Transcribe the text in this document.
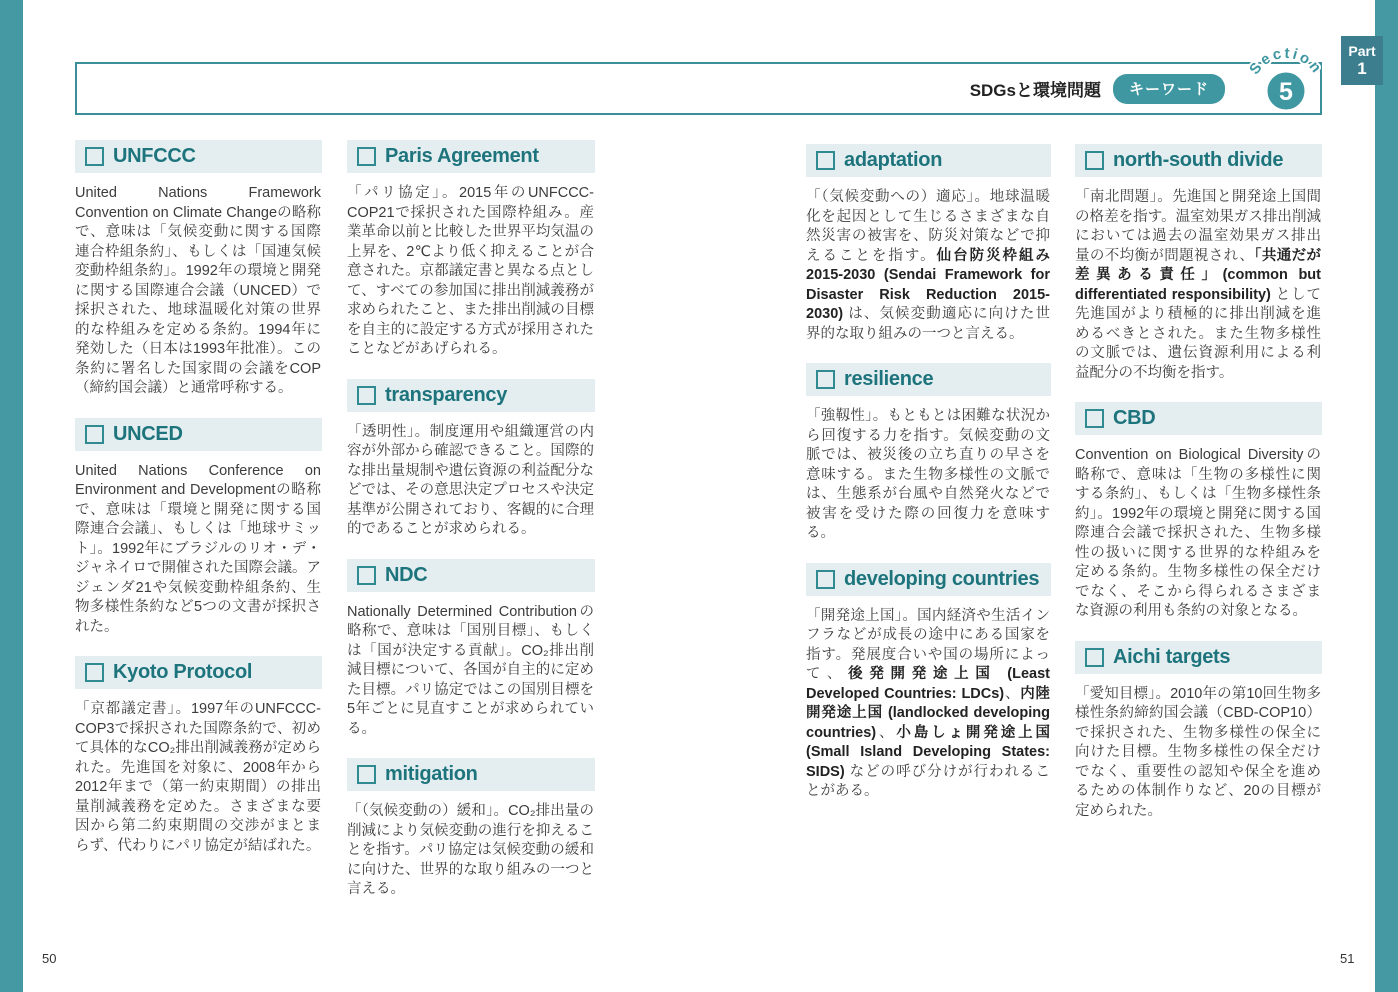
Part
1
SDGsと環境問題	キーワード
Section
5
UNFCCC

United Nations Framework Convention on Climate Changeの略称で、意味は「気候変動に関する国際連合枠組条約」、もしくは「国連気候変動枠組条約」。1992年の環境と開発に関する国際連合会議（UNCED）で採択された、地球温暖化対策の世界的な枠組みを定める条約。1994年に発効した（日本は1993年批准）。この条約に署名した国家間の会議をCOP（締約国会議）と通常呼称する。

UNCED

United Nations Conference on Environment and Developmentの略称で、意味は「環境と開発に関する国際連合会議」、もしくは「地球サミット」。1992年にブラジルのリオ・デ・ジャネイロで開催された国際会議。アジェンダ21や気候変動枠組条約、生物多様性条約など5つの文書が採択された。

Kyoto Protocol

「京都議定書」。1997年のUNFCCC-COP3で採択された国際条約で、初めて具体的なCO₂排出削減義務が定められた。先進国を対象に、2008年から2012年まで（第一約束期間）の排出量削減義務を定めた。さまざまな要因から第二約束期間の交渉がまとまらず、代わりにパリ協定が結ばれた。

Paris Agreement

「パリ協定」。2015年のUNFCCC-COP21で採択された国際枠組み。産業革命以前と比較した世界平均気温の上昇を、2℃より低く抑えることが合意された。京都議定書と異なる点として、すべての参加国に排出削減義務が求められたこと、また排出削減の目標を自主的に設定する方式が採用されたことなどがあげられる。

transparency

「透明性」。制度運用や組織運営の内容が外部から確認できること。国際的な排出量規制や遺伝資源の利益配分などでは、その意思決定プロセスや決定基準が公開されており、客観的に合理的であることが求められる。

NDC

Nationally Determined Contributionの略称で、意味は「国別目標」、もしくは「国が決定する貢献」。CO₂排出削減目標について、各国が自主的に定めた目標。パリ協定ではこの国別目標を5年ごとに見直すことが求められている。

mitigation

「（気候変動の）緩和」。CO₂排出量の削減により気候変動の進行を抑えることを指す。パリ協定は気候変動の緩和に向けた、世界的な取り組みの一つと言える。

adaptation

「（気候変動への）適応」。地球温暖化を起因として生じるさまざまな自然災害の被害を、防災対策などで抑えることを指す。仙台防災枠組み2015-2030 (Sendai Framework for Disaster Risk Reduction 2015-2030) は、気候変動適応に向けた世界的な取り組みの一つと言える。

resilience

「強靱性」。もともとは困難な状況から回復する力を指す。気候変動の文脈では、被災後の立ち直りの早さを意味する。また生物多様性の文脈では、生態系が台風や自然発火などで被害を受けた際の回復力を意味する。

developing countries

「開発途上国」。国内経済や生活インフラなどが成長の途中にある国家を指す。発展度合いや国の場所によって、後発開発途上国 (Least Developed Countries: LDCs)、内陸開発途上国 (landlocked developing countries)、小島しょ開発途上国 (Small Island Developing States: SIDS) などの呼び分けが行われることがある。

north-south divide

「南北問題」。先進国と開発途上国間の格差を指す。温室効果ガス排出削減においては過去の温室効果ガス排出量の不均衡が問題視され、「共通だが差異ある責任」(common but differentiated responsibility) として先進国がより積極的に排出削減を進めるべきとされた。また生物多様性の文脈では、遺伝資源利用による利益配分の不均衡を指す。

CBD

Convention on Biological Diversityの略称で、意味は「生物の多様性に関する条約」、もしくは「生物多様性条約」。1992年の環境と開発に関する国際連合会議で採択された、生物多様性の扱いに関する世界的な枠組みを定める条約。生物多様性の保全だけでなく、そこから得られるさまざまな資源の利用も条約の対象となる。

Aichi targets

「愛知目標」。2010年の第10回生物多様性条約締約国会議（CBD-COP10）で採択された、生物多様性の保全に向けた目標。生物多様性の保全だけでなく、重要性の認知や保全を進めるための体制作りなど、20の目標が定められた。

50	51
